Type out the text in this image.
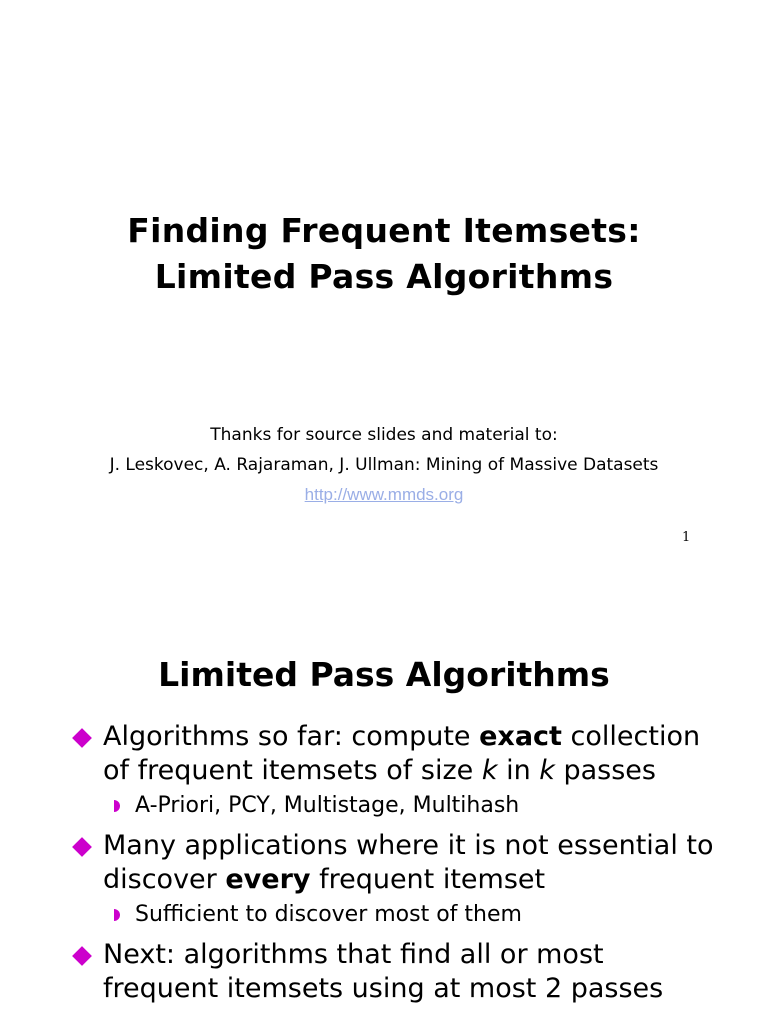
Finding Frequent Itemsets:
Limited Pass Algorithms
Thanks for source slides and material to:
J. Leskovec, A. Rajaraman, J. Ullman: Mining of Massive Datasets
http://www.mmds.org
1
Limited Pass Algorithms
Algorithms so far: compute exact collection
of frequent itemsets of size k in k passes
A-Priori, PCY, Multistage, Multihash
Many applications where it is not essential to
discover every frequent itemset
Sufficient to discover most of them
Next: algorithms that find all or most
frequent itemsets using at most 2 passes
